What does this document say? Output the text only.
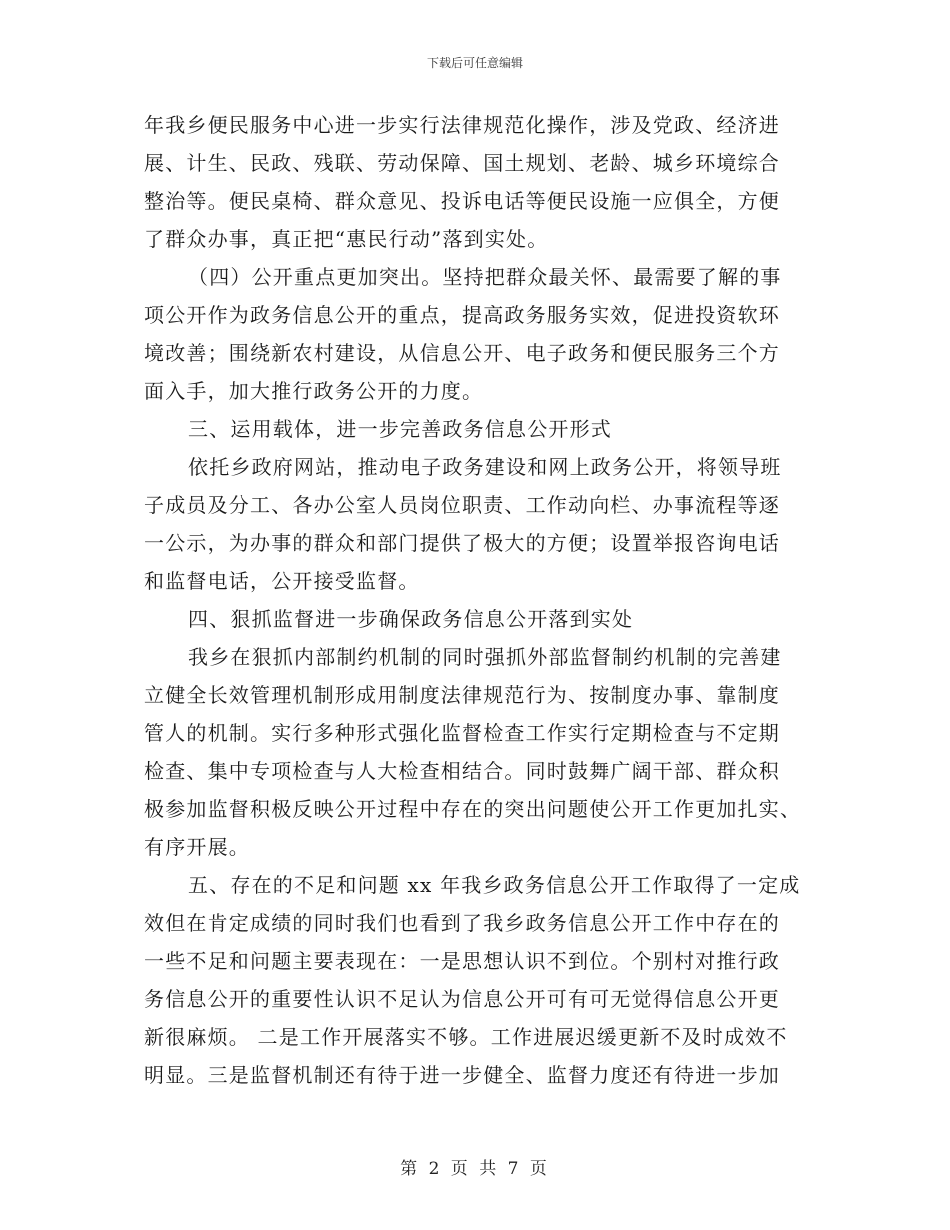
下载后可任意编辑
年我乡便民服务中心进一步实行法律规范化操作，涉及党政、经济进
展、计生、民政、残联、劳动保障、国土规划、老龄、城乡环境综合
整治等。便民桌椅、群众意见、投诉电话等便民设施一应俱全，方便
了群众办事，真正把“惠民行动”落到实处。
（四）公开重点更加突出。坚持把群众最关怀、最需要了解的事
项公开作为政务信息公开的重点，提高政务服务实效，促进投资软环
境改善；围绕新农村建设，从信息公开、电子政务和便民服务三个方
面入手，加大推行政务公开的力度。
三、运用载体，进一步完善政务信息公开形式
依托乡政府网站，推动电子政务建设和网上政务公开，将领导班
子成员及分工、各办公室人员岗位职责、工作动向栏、办事流程等逐
一公示，为办事的群众和部门提供了极大的方便；设置举报咨询电话
和监督电话，公开接受监督。
四、狠抓监督进一步确保政务信息公开落到实处
我乡在狠抓内部制约机制的同时强抓外部监督制约机制的完善建
立健全长效管理机制形成用制度法律规范行为、按制度办事、靠制度
管人的机制。实行多种形式强化监督检查工作实行定期检查与不定期
检查、集中专项检查与人大检查相结合。同时鼓舞广阔干部、群众积
极参加监督积极反映公开过程中存在的突出问题使公开工作更加扎实、
有序开展。
五、存在的不足和问题 xx 年我乡政务信息公开工作取得了一定成
效但在肯定成绩的同时我们也看到了我乡政务信息公开工作中存在的
一些不足和问题主要表现在：一是思想认识不到位。个别村对推行政
务信息公开的重要性认识不足认为信息公开可有可无觉得信息公开更
新很麻烦。 二是工作开展落实不够。工作进展迟缓更新不及时成效不
明显。三是监督机制还有待于进一步健全、监督力度还有待进一步加
第 2 页 共 7 页
